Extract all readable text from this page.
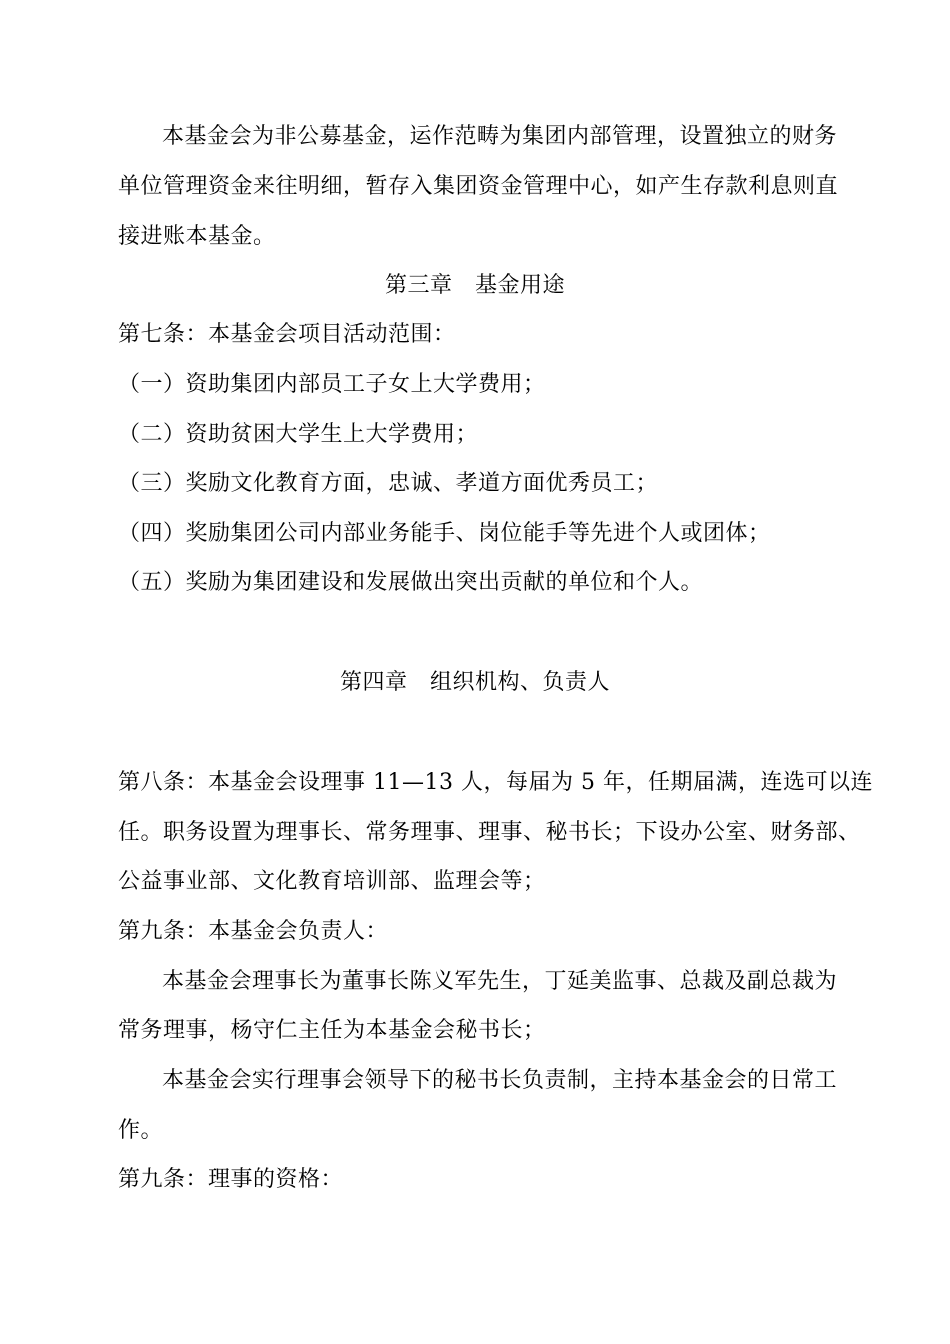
本基金会为非公募基金，运作范畴为集团内部管理，设置独立的财务
单位管理资金来往明细，暂存入集团资金管理中心，如产生存款利息则直
接进账本基金。
第三章　基金用途
第七条：本基金会项目活动范围：
（一）资助集团内部员工子女上大学费用；
（二）资助贫困大学生上大学费用；
（三）奖励文化教育方面，忠诚、孝道方面优秀员工；
（四）奖励集团公司内部业务能手、岗位能手等先进个人或团体；
（五）奖励为集团建设和发展做出突出贡献的单位和个人。
第四章　组织机构、负责人
第八条：本基金会设理事 11—13 人，每届为 5 年，任期届满，连选可以连
任。职务设置为理事长、常务理事、理事、秘书长；下设办公室、财务部、
公益事业部、文化教育培训部、监理会等；
第九条：本基金会负责人：
本基金会理事长为董事长陈义军先生，丁延美监事、总裁及副总裁为
常务理事，杨守仁主任为本基金会秘书长；
本基金会实行理事会领导下的秘书长负责制，主持本基金会的日常工
作。
第九条：理事的资格：
